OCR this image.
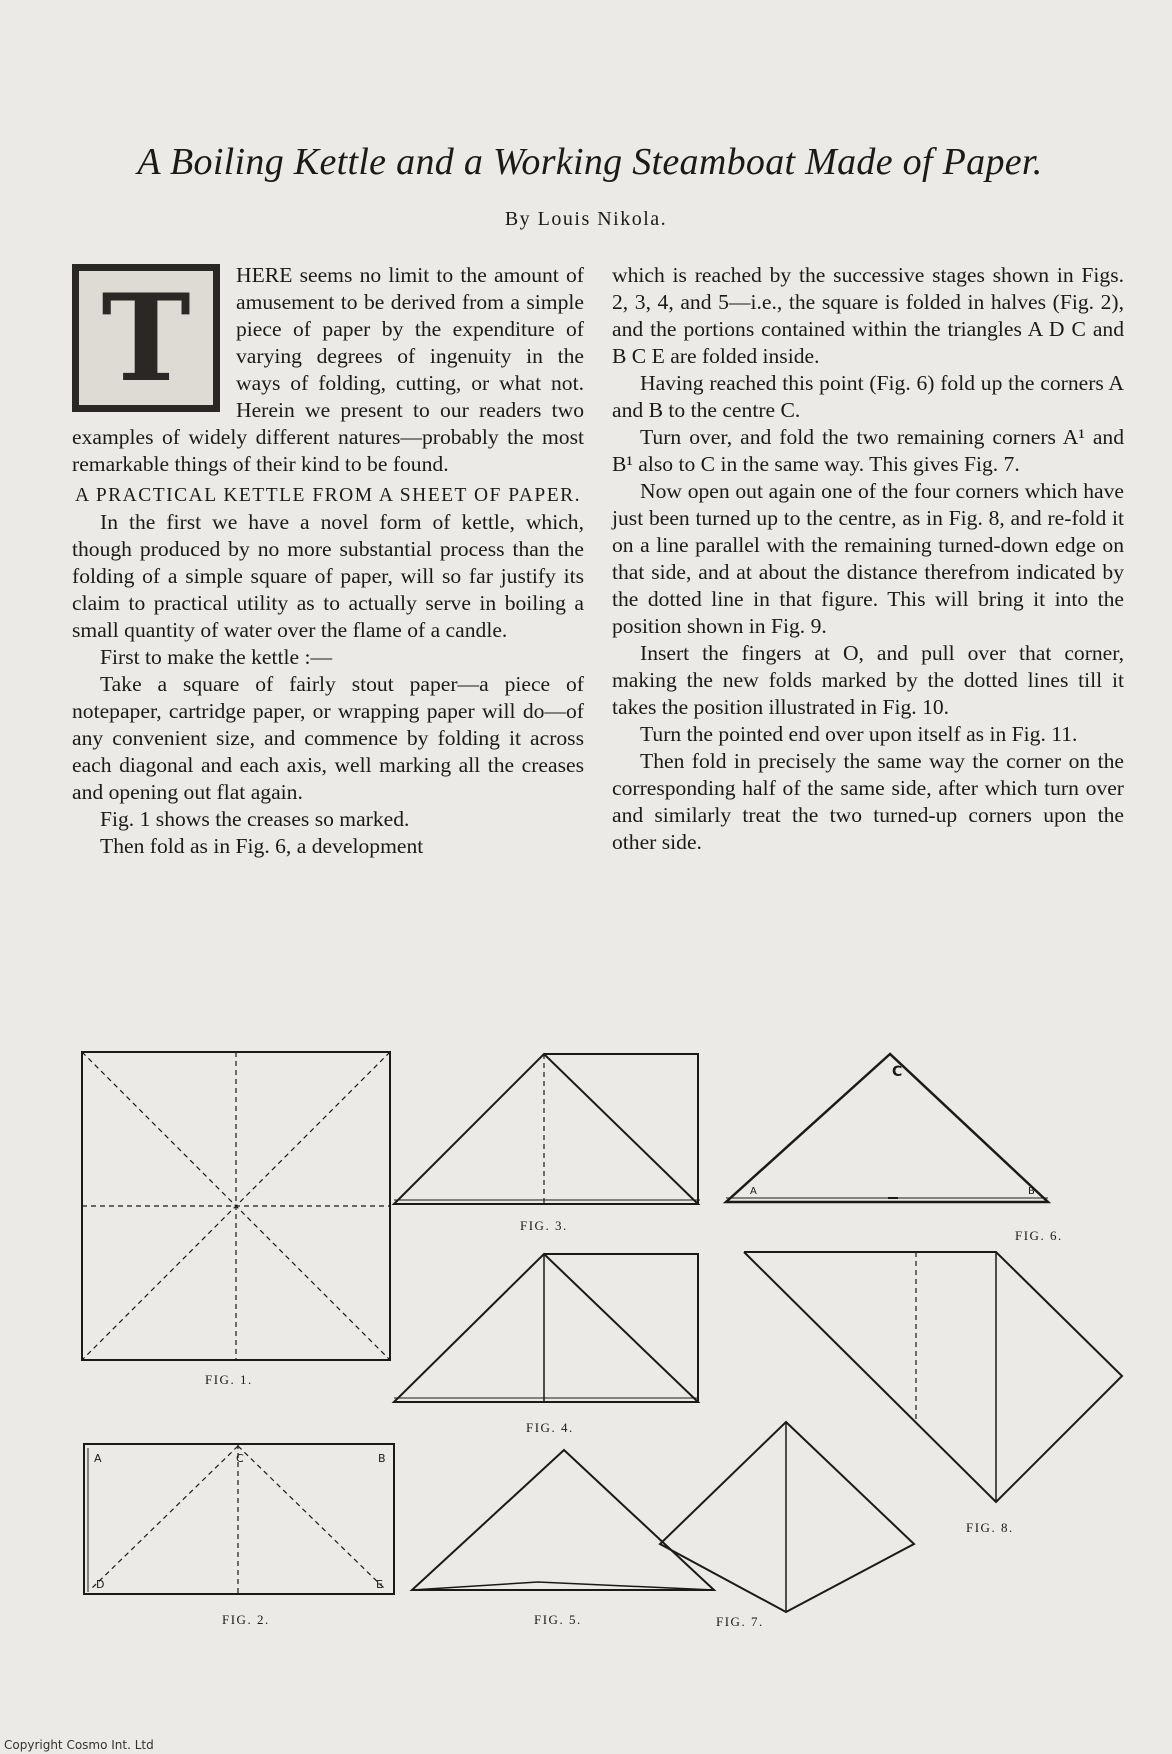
A Boiling Kettle and a Working Steamboat Made of Paper.
By Louis Nikola.
T	HERE seems no limit to the amount of amusement to be derived from a simple piece of paper by the expenditure of varying degrees of ingenuity in the ways of folding, cutting, or what not. Herein we present to our readers two examples of widely different natures—probably the most remarkable things of their kind to be found.

A PRACTICAL KETTLE FROM A SHEET OF PAPER.

In the first we have a novel form of kettle, which, though produced by no more substantial process than the folding of a simple square of paper, will so far justify its claim to practical utility as to actually serve in boiling a small quantity of water over the flame of a candle.

First to make the kettle :—

Take a square of fairly stout paper—a piece of notepaper, cartridge paper, or wrapping paper will do—of any convenient size, and commence by folding it across each diagonal and each axis, well marking all the creases and opening out flat again.

Fig. 1 shows the creases so marked.

Then fold as in Fig. 6, a development

which is reached by the successive stages shown in Figs. 2, 3, 4, and 5—i.e., the square is folded in halves (Fig. 2), and the portions contained within the triangles A D C and B C E are folded inside.

Having reached this point (Fig. 6) fold up the corners A and B to the centre C.

Turn over, and fold the two remaining corners A¹ and B¹ also to C in the same way. This gives Fig. 7.

Now open out again one of the four corners which have just been turned up to the centre, as in Fig. 8, and re-fold it on a line parallel with the remaining turned-down edge on that side, and at about the distance therefrom indicated by the dotted line in that figure. This will bring it into the position shown in Fig. 9.

Insert the fingers at O, and pull over that corner, making the new folds marked by the dotted lines till it takes the position illustrated in Fig. 10.

Turn the pointed end over upon itself as in Fig. 11.

Then fold in precisely the same way the corner on the corresponding half of the same side, after which turn over and similarly treat the two turned-up corners upon the other side.

FIG. 1.
FIG. 3.
C
A	B
FIG. 6.
FIG. 4.
FIG. 8.
A	C	B
D	E
FIG. 2.	FIG. 5.	FIG. 7.
Copyright Cosmo Int. Ltd
